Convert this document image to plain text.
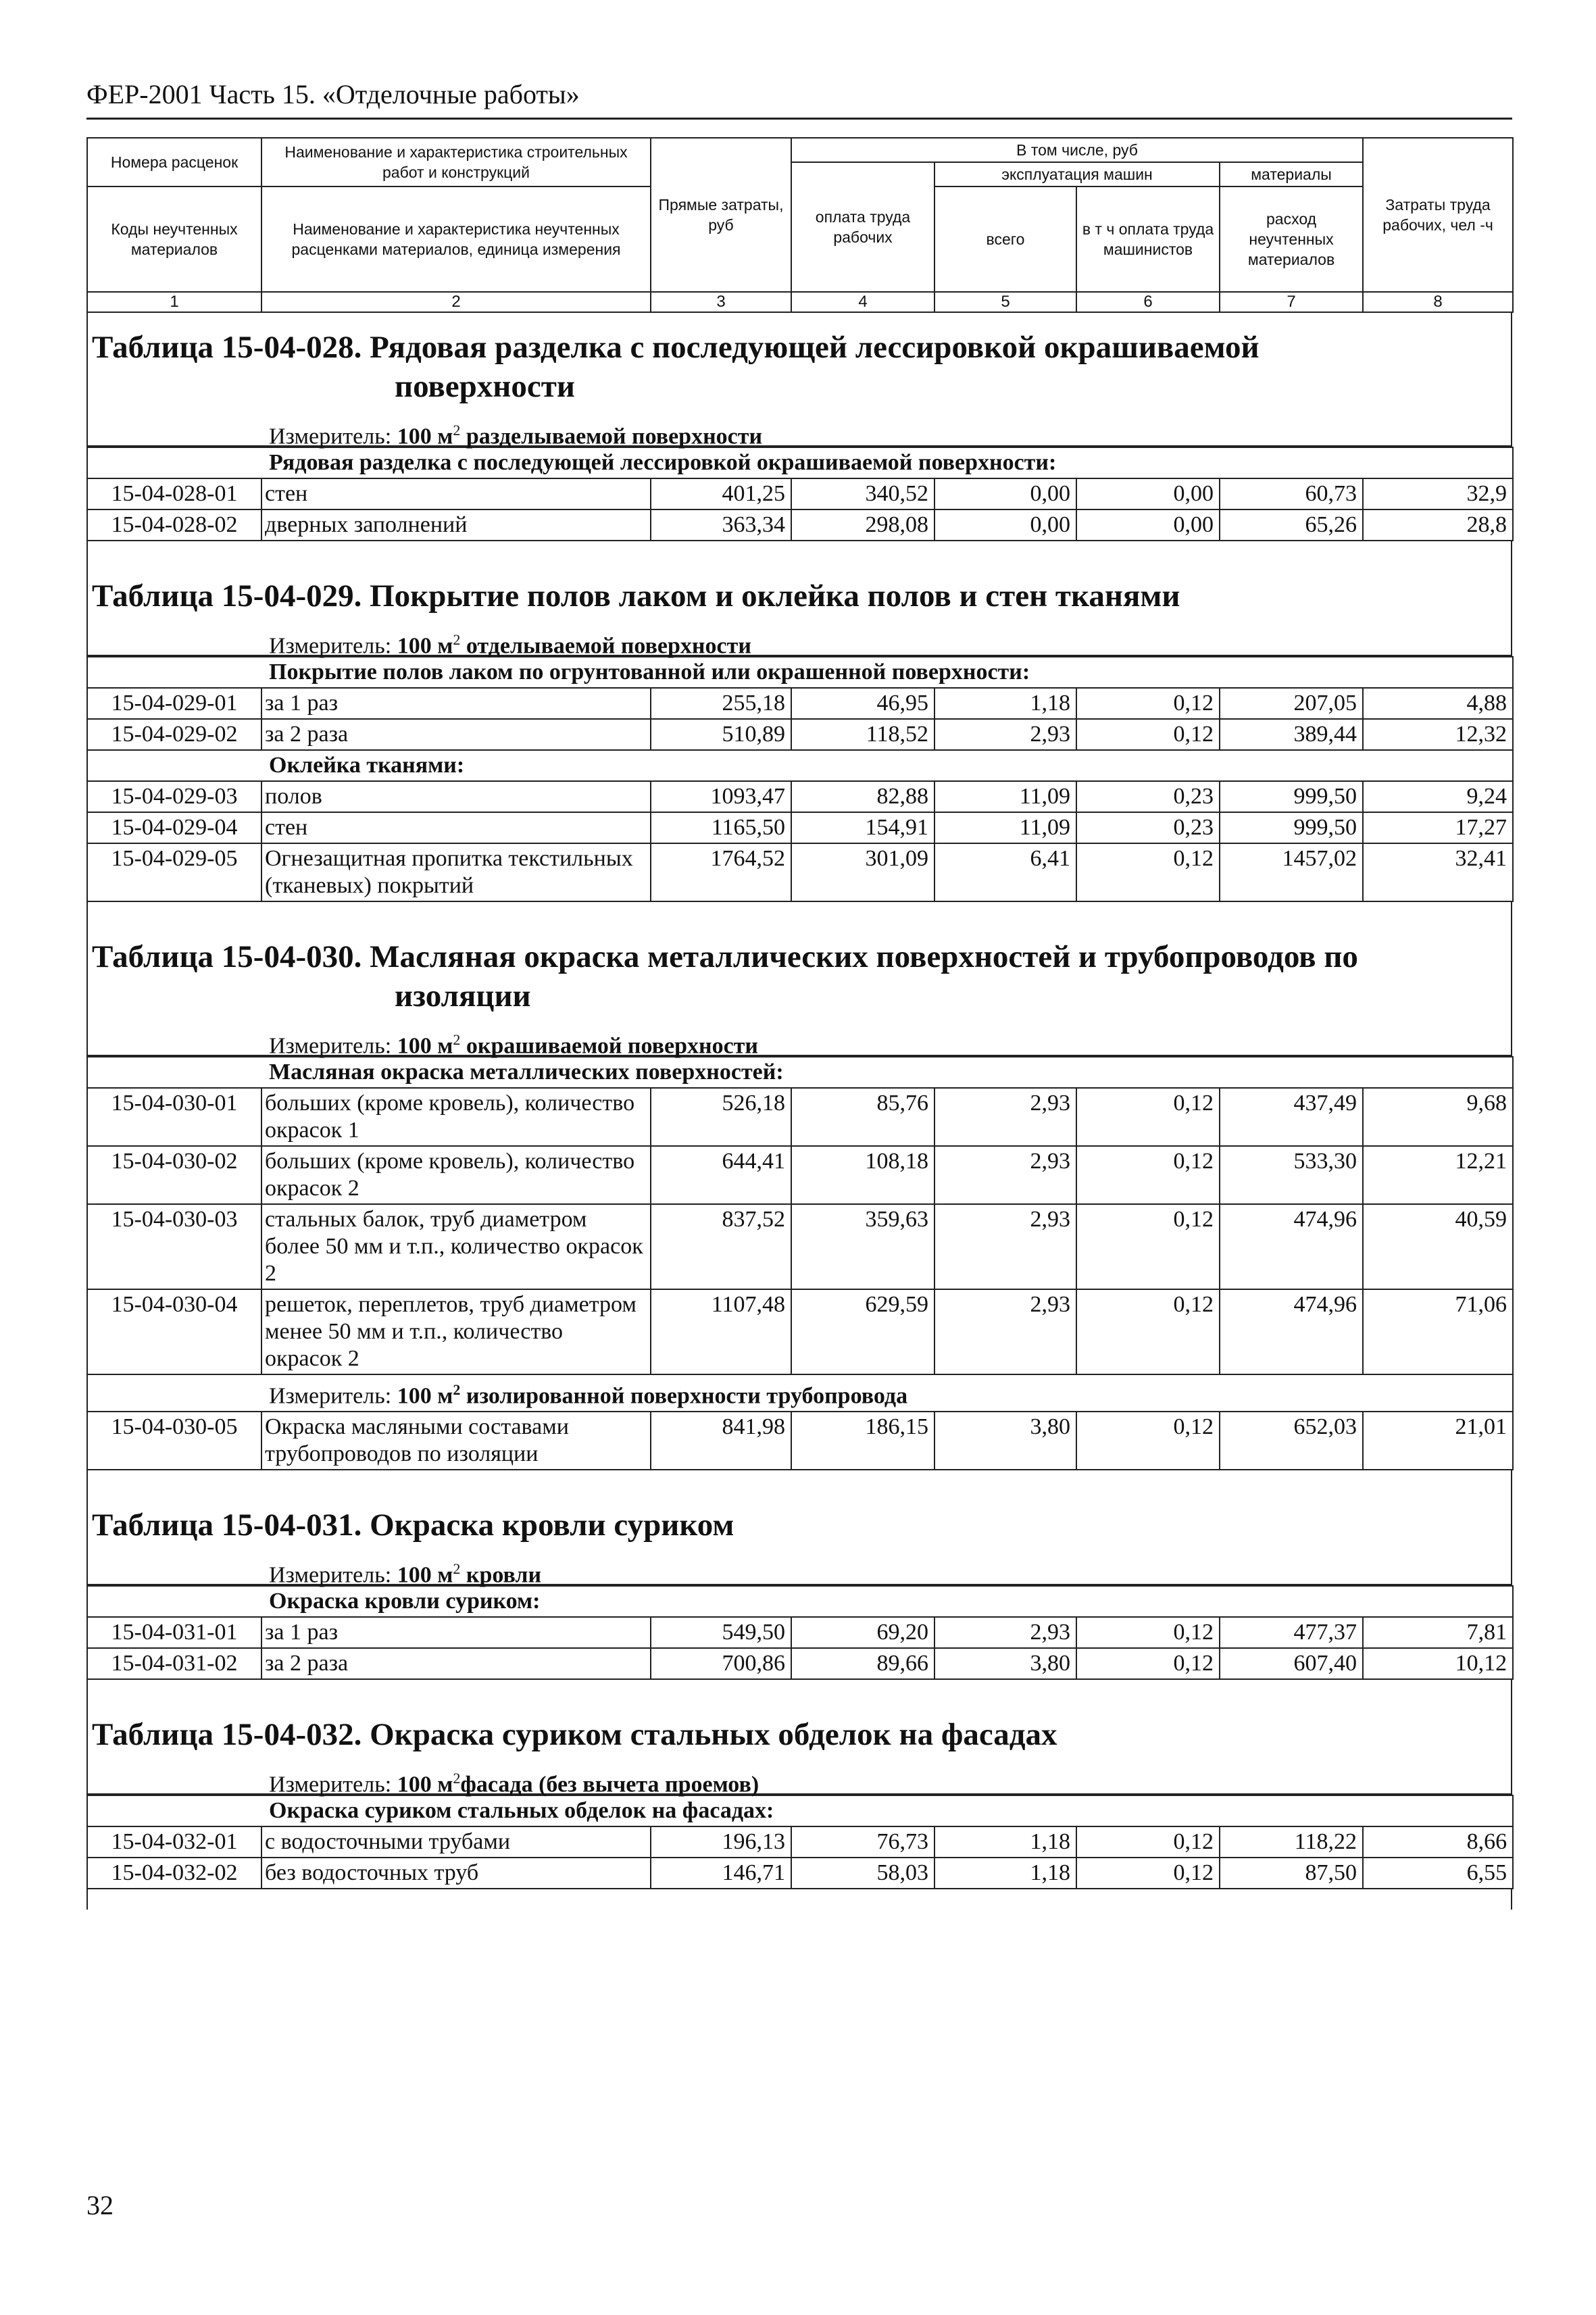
ФЕР-2001 Часть 15. «Отделочные работы»
Номера расценок	Наименование и характеристика строительных работ и конструкций	Прямые затраты, руб	В том числе, руб				Затраты труда рабочих, чел -ч
			оплата труда рабочих	эксплуатация машин		материалы	
Коды неучтенных материалов	Наименование и характеристика неучтенных расценками материалов, единица измерения			всего	в т ч оплата труда машинистов	расход неучтенных материалов	

1	2	3	4	5	6	7	8
Таблица 15-04-028. Рядовая разделка с последующей лессировкой окрашиваемой
поверхности
Измеритель: 100 $м^2$ разделываемой поверхности
Рядовая разделка с последующей лессировкой окрашиваемой поверхности:							
15-04-028-01	стен	401,25	340,52	0,00	0,00	60,73	32,9
15-04-028-02	дверных заполнений	363,34	298,08	0,00	0,00	65,26	28,8
Таблица 15-04-029. Покрытие полов лаком и оклейка полов и стен тканями
Измеритель: 100 $м^2$ отделываемой поверхности
Покрытие полов лаком по огрунтованной или окрашенной поверхности:							
15-04-029-01	за 1 раз	255,18	46,95	1,18	0,12	207,05	4,88
15-04-029-02	за 2 раза	510,89	118,52	2,93	0,12	389,44	12,32
Оклейка тканями:							
15-04-029-03	полов	1093,47	82,88	11,09	0,23	999,50	9,24
15-04-029-04	стен	1165,50	154,91	11,09	0,23	999,50	17,27
15-04-029-05	Огнезащитная пропитка текстильных (тканевых) покрытий	1764,52	301,09	6,41	0,12	1457,02	32,41
Таблица 15-04-030. Масляная окраска металлических поверхностей и трубопроводов по
изоляции
Измеритель: 100 $м^2$ окрашиваемой поверхности
Масляная окраска металлических поверхностей:							
15-04-030-01	больших (кроме кровель), количество окрасок 1	526,18	85,76	2,93	0,12	437,49	9,68
15-04-030-02	больших (кроме кровель), количество окрасок 2	644,41	108,18	2,93	0,12	533,30	12,21
15-04-030-03	стальных балок, труб диаметром более 50 мм и т.п., количество окрасок 2	837,52	359,63	2,93	0,12	474,96	40,59
15-04-030-04	решеток, переплетов, труб диаметром менее 50 мм и т.п., количество окрасок 2	1107,48	629,59	2,93	0,12	474,96	71,06
Измеритель: 100 $м^2$ изолированной поверхности трубопровода							
15-04-030-05	Окраска масляными составами трубопроводов по изоляции	841,98	186,15	3,80	0,12	652,03	21,01
Таблица 15-04-031. Окраска кровли суриком
Измеритель: 100 $м^2$ кровли
Окраска кровли суриком:							
15-04-031-01	за 1 раз	549,50	69,20	2,93	0,12	477,37	7,81
15-04-031-02	за 2 раза	700,86	89,66	3,80	0,12	607,40	10,12
Таблица 15-04-032. Окраска суриком стальных обделок на фасадах
Измеритель: 100 $м^2фасада$ (без вычета проемов)
Окраска суриком стальных обделок на фасадах:							
15-04-032-01	с водосточными трубами	196,13	76,73	1,18	0,12	118,22	8,66
15-04-032-02	без водосточных труб	146,71	58,03	1,18	0,12	87,50	6,55
32
